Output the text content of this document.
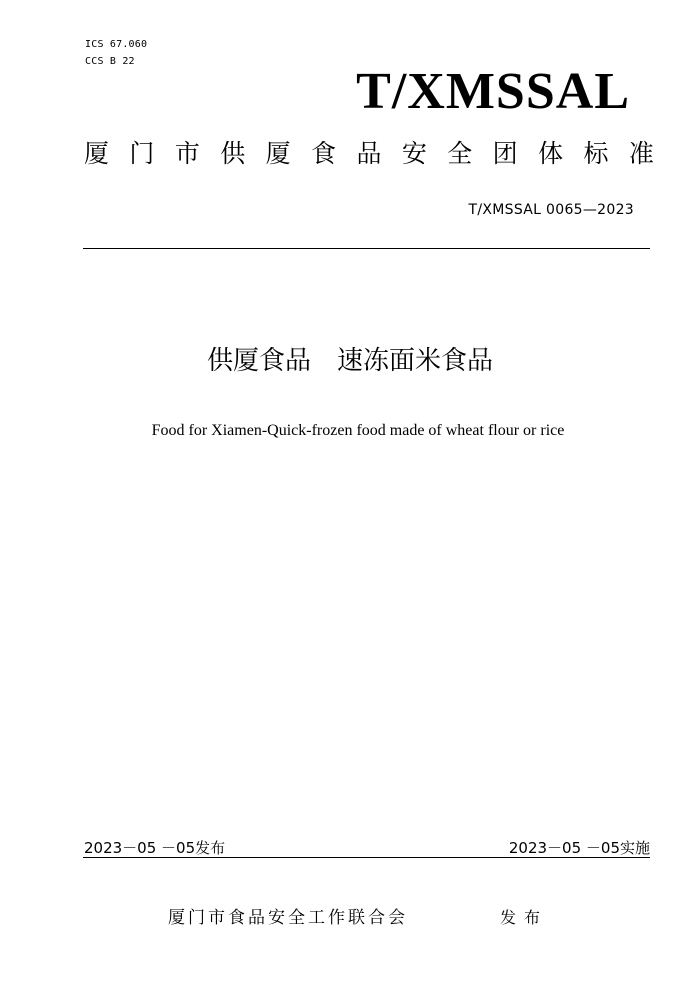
ICS 67.060
CCS B 22
T/XMSSAL
厦 门 市 供 厦 食 品 安 全 团 体 标 准
T/XMSSAL 0065—2023
供厦食品　速冻面米食品
Food for Xiamen-Quick-frozen food made of wheat flour or rice
2023－05 －05发布	2023－05 －05实施
厦门市食品安全工作联合会	发布
